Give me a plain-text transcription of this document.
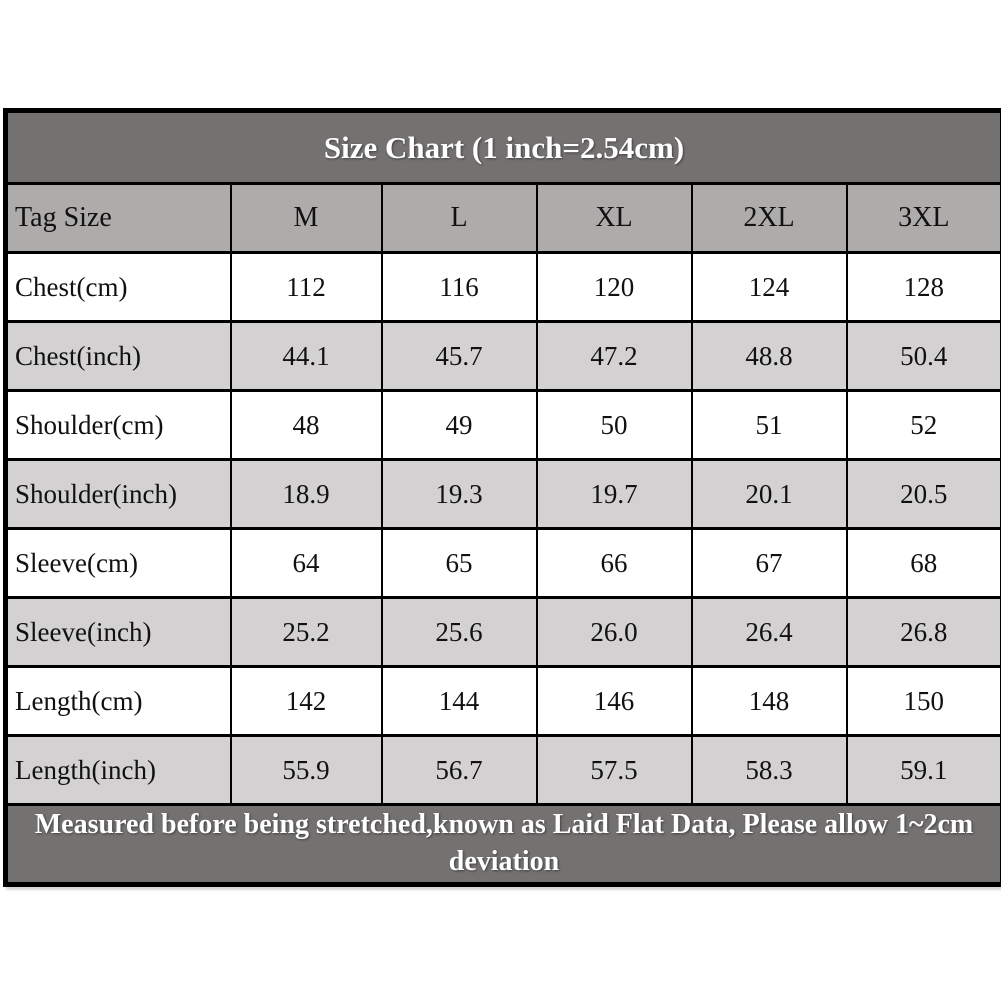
Size Chart (1 inch=2.54cm)					
Tag Size	M	L	XL	2XL	3XL
Chest(cm)	112	116	120	124	128
Chest(inch)	44.1	45.7	47.2	48.8	50.4
Shoulder(cm)	48	49	50	51	52
Shoulder(inch)	18.9	19.3	19.7	20.1	20.5
Sleeve(cm)	64	65	66	67	68
Sleeve(inch)	25.2	25.6	26.0	26.4	26.8
Length(cm)	142	144	146	148	150
Length(inch)	55.9	56.7	57.5	58.3	59.1
Measured before being stretched,known as Laid Flat Data, Please allow 1~2cm deviation					
